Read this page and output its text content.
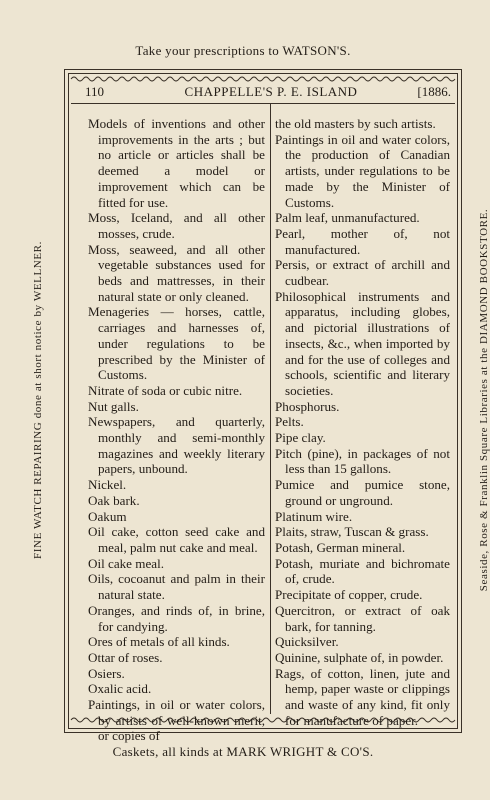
Take your prescriptions to WATSON'S.
FINE WATCH REPAIRING done at short notice by WELLNER.	Seaside, Rose & Franklin Square Libraries at the DIAMOND BOOKSTORE.
110	CHAPPELLE'S P. E. ISLAND	[1886.
Models of inventions and other improvements in the arts ; but no article or articles shall be deemed a model or improvement which can be fitted for use.
Moss, Iceland, and all other mosses, crude.
Moss, seaweed, and all other vegetable substances used for beds and mattresses, in their natural state or only cleaned.
Menageries — horses, cattle, carriages and harnesses of, under regulations to be prescribed by the Minister of Customs.
Nitrate of soda or cubic nitre.
Nut galls.
Newspapers, and quarterly, monthly and semi-monthly magazines and weekly literary papers, unbound.
Nickel.
Oak bark.
Oakum
Oil cake, cotton seed cake and meal, palm nut cake and meal.
Oil cake meal.
Oils, cocoanut and palm in their natural state.
Oranges, and rinds of, in brine, for candying.
Ores of metals of all kinds.
Ottar of roses.
Osiers.
Oxalic acid.
Paintings, in oil or water colors, by artists of well-known merit, or copies of
the old masters by such artists.
Paintings in oil and water colors, the production of Canadian artists, under regulations to be made by the Minister of Customs.
Palm leaf, unmanufactured.
Pearl, mother of, not manufactured.
Persis, or extract of archill and cudbear.
Philosophical instruments and apparatus, including globes, and pictorial illustrations of insects, &c., when imported by and for the use of colleges and schools, scientific and literary societies.
Phosphorus.
Pelts.
Pipe clay.
Pitch (pine), in packages of not less than 15 gallons.
Pumice and pumice stone, ground or unground.
Platinum wire.
Plaits, straw, Tuscan & grass.
Potash, German mineral.
Potash, muriate and bichromate of, crude.
Precipitate of copper, crude.
Quercitron, or extract of oak bark, for tanning.
Quicksilver.
Quinine, sulphate of, in powder.
Rags, of cotton, linen, jute and hemp, paper waste or clippings and waste of any kind, fit only for manufacture of paper.
Caskets, all kinds at MARK WRIGHT & CO'S.
